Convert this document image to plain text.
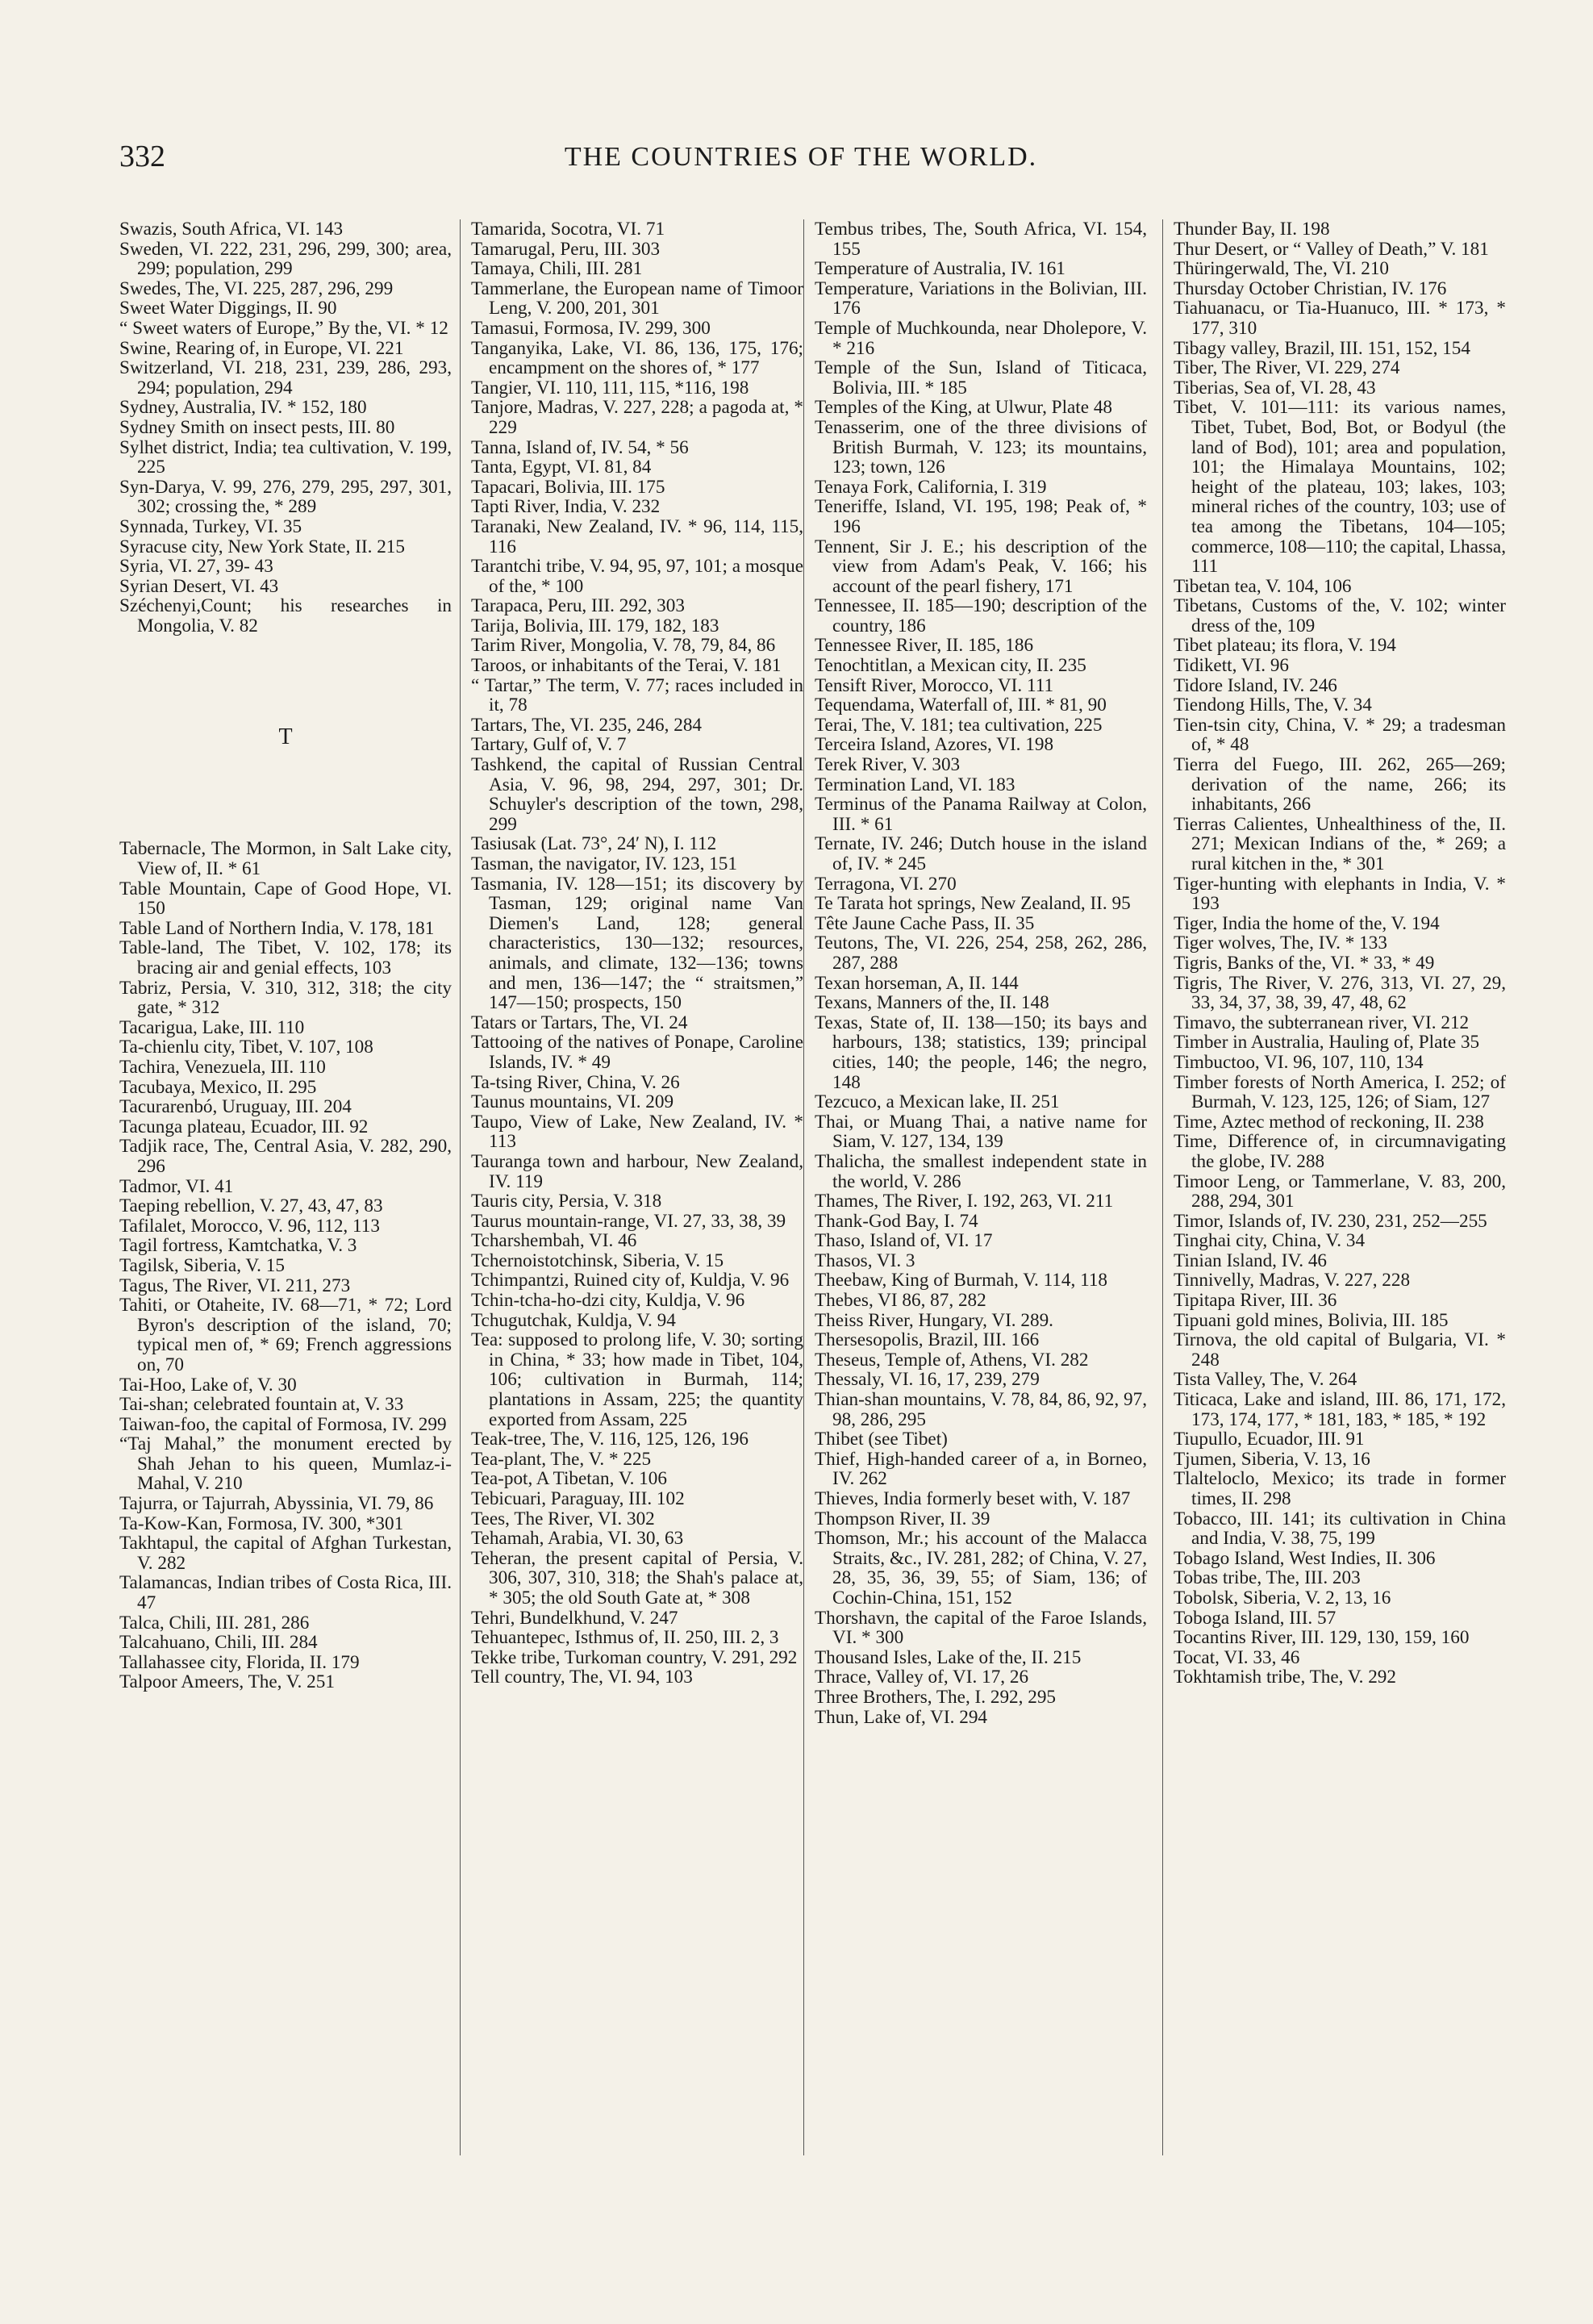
332	THE COUNTRIES OF THE WORLD.
Swazis, South Africa, VI. 143
Sweden, VI. 222, 231, 296, 299, 300; area, 299; population, 299
Swedes, The, VI. 225, 287, 296, 299
Sweet Water Diggings, II. 90
“ Sweet waters of Europe,” By the, VI. * 12
Swine, Rearing of, in Europe, VI. 221
Switzerland, VI. 218, 231, 239, 286, 293, 294; population, 294
Sydney, Australia, IV. * 152, 180
Sydney Smith on insect pests, III. 80
Sylhet district, India; tea cultivation, V. 199, 225
Syn-Darya, V. 99, 276, 279, 295, 297, 301, 302; crossing the, * 289
Synnada, Turkey, VI. 35
Syracuse city, New York State, II. 215
Syria, VI. 27, 39- 43
Syrian Desert, VI. 43
Széchenyi,Count; his researches in Mongolia, V. 82
T
Tabernacle, The Mormon, in Salt Lake city, View of, II. * 61
Table Mountain, Cape of Good Hope, VI. 150
Table Land of Northern India, V. 178, 181
Table-land, The Tibet, V. 102, 178; its bracing air and genial effects, 103
Tabriz, Persia, V. 310, 312, 318; the city gate, * 312
Tacarigua, Lake, III. 110
Ta-chienlu city, Tibet, V. 107, 108
Tachira, Venezuela, III. 110
Tacubaya, Mexico, II. 295
Tacurarenbó, Uruguay, III. 204
Tacunga plateau, Ecuador, III. 92
Tadjik race, The, Central Asia, V. 282, 290, 296
Tadmor, VI. 41
Taeping rebellion, V. 27, 43, 47, 83
Tafilalet, Morocco, V. 96, 112, 113
Tagil fortress, Kamtchatka, V. 3
Tagilsk, Siberia, V. 15
Tagus, The River, VI. 211, 273
Tahiti, or Otaheite, IV. 68—71, * 72; Lord Byron's description of the island, 70; typical men of, * 69; French aggressions on, 70
Tai-Hoo, Lake of, V. 30
Tai-shan; celebrated fountain at, V. 33
Taiwan-foo, the capital of Formosa, IV. 299
“Taj Mahal,” the monument erected by Shah Jehan to his queen, Mumlaz-i-Mahal, V. 210
Tajurra, or Tajurrah, Abyssinia, VI. 79, 86
Ta-Kow-Kan, Formosa, IV. 300, *301
Takhtapul, the capital of Afghan Turkestan, V. 282
Talamancas, Indian tribes of Costa Rica, III. 47
Talca, Chili, III. 281, 286
Talcahuano, Chili, III. 284
Tallahassee city, Florida, II. 179
Talpoor Ameers, The, V. 251
Tamarida, Socotra, VI. 71
Tamarugal, Peru, III. 303
Tamaya, Chili, III. 281
Tammerlane, the European name of Timoor Leng, V. 200, 201, 301
Tamasui, Formosa, IV. 299, 300
Tanganyika, Lake, VI. 86, 136, 175, 176; encampment on the shores of, * 177
Tangier, VI. 110, 111, 115, *116, 198
Tanjore, Madras, V. 227, 228; a pagoda at, * 229
Tanna, Island of, IV. 54, * 56
Tanta, Egypt, VI. 81, 84
Tapacari, Bolivia, III. 175
Tapti River, India, V. 232
Taranaki, New Zealand, IV. * 96, 114, 115, 116
Tarantchi tribe, V. 94, 95, 97, 101; a mosque of the, * 100
Tarapaca, Peru, III. 292, 303
Tarija, Bolivia, III. 179, 182, 183
Tarim River, Mongolia, V. 78, 79, 84, 86
Taroos, or inhabitants of the Terai, V. 181
“ Tartar,” The term, V. 77; races included in it, 78
Tartars, The, VI. 235, 246, 284
Tartary, Gulf of, V. 7
Tashkend, the capital of Russian Central Asia, V. 96, 98, 294, 297, 301; Dr. Schuyler's description of the town, 298, 299
Tasiusak (Lat. 73°, 24′ N), I. 112
Tasman, the navigator, IV. 123, 151
Tasmania, IV. 128—151; its discovery by Tasman, 129; original name Van Diemen's Land, 128; general characteristics, 130—132; resources, animals, and climate, 132—136; towns and men, 136—147; the “ straitsmen,” 147—150; prospects, 150
Tatars or Tartars, The, VI. 24
Tattooing of the natives of Ponape, Caroline Islands, IV. * 49
Ta-tsing River, China, V. 26
Taunus mountains, VI. 209
Taupo, View of Lake, New Zealand, IV. * 113
Tauranga town and harbour, New Zealand, IV. 119
Tauris city, Persia, V. 318
Taurus mountain-range, VI. 27, 33, 38, 39
Tcharshembah, VI. 46
Tchernoistotchinsk, Siberia, V. 15
Tchimpantzi, Ruined city of, Kuldja, V. 96
Tchin-tcha-ho-dzi city, Kuldja, V. 96
Tchugutchak, Kuldja, V. 94
Tea: supposed to prolong life, V. 30; sorting in China, * 33; how made in Tibet, 104, 106; cultivation in Burmah, 114; plantations in Assam, 225; the quantity exported from Assam, 225
Teak-tree, The, V. 116, 125, 126, 196
Tea-plant, The, V. * 225
Tea-pot, A Tibetan, V. 106
Tebicuari, Paraguay, III. 102
Tees, The River, VI. 302
Tehamah, Arabia, VI. 30, 63
Teheran, the present capital of Persia, V. 306, 307, 310, 318; the Shah's palace at, * 305; the old South Gate at, * 308
Tehri, Bundelkhund, V. 247
Tehuantepec, Isthmus of, II. 250, III. 2, 3
Tekke tribe, Turkoman country, V. 291, 292
Tell country, The, VI. 94, 103
Tembus tribes, The, South Africa, VI. 154, 155
Temperature of Australia, IV. 161
Temperature, Variations in the Bolivian, III. 176
Temple of Muchkounda, near Dholepore, V. * 216
Temple of the Sun, Island of Titicaca, Bolivia, III. * 185
Temples of the King, at Ulwur, Plate 48
Tenasserim, one of the three divisions of British Burmah, V. 123; its mountains, 123; town, 126
Tenaya Fork, California, I. 319
Teneriffe, Island, VI. 195, 198; Peak of, * 196
Tennent, Sir J. E.; his description of the view from Adam's Peak, V. 166; his account of the pearl fishery, 171
Tennessee, II. 185—190; description of the country, 186
Tennessee River, II. 185, 186
Tenochtitlan, a Mexican city, II. 235
Tensift River, Morocco, VI. 111
Tequendama, Waterfall of, III. * 81, 90
Terai, The, V. 181; tea cultivation, 225
Terceira Island, Azores, VI. 198
Terek River, V. 303
Termination Land, VI. 183
Terminus of the Panama Railway at Colon, III. * 61
Ternate, IV. 246; Dutch house in the island of, IV. * 245
Terragona, VI. 270
Te Tarata hot springs, New Zealand, II. 95
Tête Jaune Cache Pass, II. 35
Teutons, The, VI. 226, 254, 258, 262, 286, 287, 288
Texan horseman, A, II. 144
Texans, Manners of the, II. 148
Texas, State of, II. 138—150; its bays and harbours, 138; statistics, 139; principal cities, 140; the people, 146; the negro, 148
Tezcuco, a Mexican lake, II. 251
Thai, or Muang Thai, a native name for Siam, V. 127, 134, 139
Thalicha, the smallest independent state in the world, V. 286
Thames, The River, I. 192, 263, VI. 211
Thank-God Bay, I. 74
Thaso, Island of, VI. 17
Thasos, VI. 3
Theebaw, King of Burmah, V. 114, 118
Thebes, VI 86, 87, 282
Theiss River, Hungary, VI. 289.
Thersesopolis, Brazil, III. 166
Theseus, Temple of, Athens, VI. 282
Thessaly, VI. 16, 17, 239, 279
Thian-shan mountains, V. 78, 84, 86, 92, 97, 98, 286, 295
Thibet (see Tibet)
Thief, High-handed career of a, in Borneo, IV. 262
Thieves, India formerly beset with, V. 187
Thompson River, II. 39
Thomson, Mr.; his account of the Malacca Straits, &c., IV. 281, 282; of China, V. 27, 28, 35, 36, 39, 55; of Siam, 136; of Cochin-China, 151, 152
Thorshavn, the capital of the Faroe Islands, VI. * 300
Thousand Isles, Lake of the, II. 215
Thrace, Valley of, VI. 17, 26
Three Brothers, The, I. 292, 295
Thun, Lake of, VI. 294
Thunder Bay, II. 198
Thur Desert, or “ Valley of Death,” V. 181
Thüringerwald, The, VI. 210
Thursday October Christian, IV. 176
Tiahuanacu, or Tia-Huanuco, III. * 173, * 177, 310
Tibagy valley, Brazil, III. 151, 152, 154
Tiber, The River, VI. 229, 274
Tiberias, Sea of, VI. 28, 43
Tibet, V. 101—111: its various names, Tibet, Tubet, Bod, Bot, or Bodyul (the land of Bod), 101; area and population, 101; the Himalaya Mountains, 102; height of the plateau, 103; lakes, 103; mineral riches of the country, 103; use of tea among the Tibetans, 104—105; commerce, 108—110; the capital, Lhassa, 111
Tibetan tea, V. 104, 106
Tibetans, Customs of the, V. 102; winter dress of the, 109
Tibet plateau; its flora, V. 194
Tidikett, VI. 96
Tidore Island, IV. 246
Tiendong Hills, The, V. 34
Tien-tsin city, China, V. * 29; a tradesman of, * 48
Tierra del Fuego, III. 262, 265—269; derivation of the name, 266; its inhabitants, 266
Tierras Calientes, Unhealthiness of the, II. 271; Mexican Indians of the, * 269; a rural kitchen in the, * 301
Tiger-hunting with elephants in India, V. * 193
Tiger, India the home of the, V. 194
Tiger wolves, The, IV. * 133
Tigris, Banks of the, VI. * 33, * 49
Tigris, The River, V. 276, 313, VI. 27, 29, 33, 34, 37, 38, 39, 47, 48, 62
Timavo, the subterranean river, VI. 212
Timber in Australia, Hauling of, Plate 35
Timbuctoo, VI. 96, 107, 110, 134
Timber forests of North America, I. 252; of Burmah, V. 123, 125, 126; of Siam, 127
Time, Aztec method of reckoning, II. 238
Time, Difference of, in circumnavigating the globe, IV. 288
Timoor Leng, or Tammerlane, V. 83, 200, 288, 294, 301
Timor, Islands of, IV. 230, 231, 252—255
Tinghai city, China, V. 34
Tinian Island, IV. 46
Tinnivelly, Madras, V. 227, 228
Tipitapa River, III. 36
Tipuani gold mines, Bolivia, III. 185
Tirnova, the old capital of Bulgaria, VI. * 248
Tista Valley, The, V. 264
Titicaca, Lake and island, III. 86, 171, 172, 173, 174, 177, * 181, 183, * 185, * 192
Tiupullo, Ecuador, III. 91
Tjumen, Siberia, V. 13, 16
Tlalteloclo, Mexico; its trade in former times, II. 298
Tobacco, III. 141; its cultivation in China and India, V. 38, 75, 199
Tobago Island, West Indies, II. 306
Tobas tribe, The, III. 203
Tobolsk, Siberia, V. 2, 13, 16
Toboga Island, III. 57
Tocantins River, III. 129, 130, 159, 160
Tocat, VI. 33, 46
Tokhtamish tribe, The, V. 292
